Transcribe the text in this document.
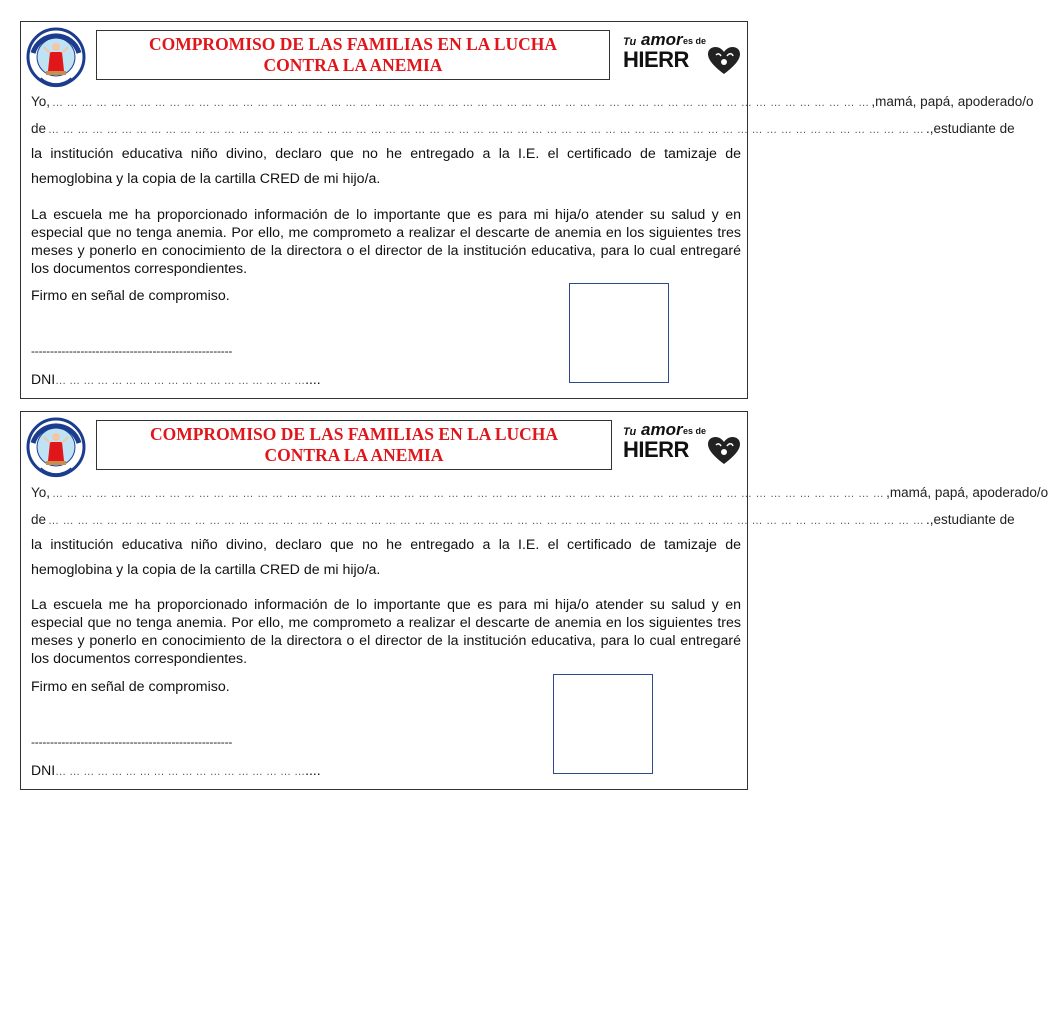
COMPROMISO DE LAS FAMILIAS EN LA LUCHA
CONTRA LA ANEMIA
Tu amor es de
HIERR
Yo, … … … … … … … … … … … … … … … … … … … … … … … … … … … … … … … … … … … … … … … … … … … … … … … … … … … … … … … … ,mamá, papá, apoderado/o
de … … … … … … … … … … … … … … … … … … … … … … … … … … … … … … … … … … … … … … … … … … … … … … … … … … … … … … … … … … … … .,estudiante de
la institución educativa niño divino, declaro que no he entregado a la I.E. el certificado de tamizaje de hemoglobina y la copia de la cartilla CRED de mi hijo/a.
La escuela me ha proporcionado información de lo importante que es para mi hija/o atender su salud y en especial que no tenga anemia. Por ello, me comprometo a realizar el descarte de anemia en los siguientes tres meses y ponerlo en conocimiento de la directora o el director de la institución educativa, para lo cual entregaré los documentos correspondientes.
Firmo en señal de compromiso.
-----------------------------------------------------
DNI… … … … … … … … … … … … … … … … … …....
COMPROMISO DE LAS FAMILIAS EN LA LUCHA
CONTRA LA ANEMIA
Tu amor es de
HIERR
Yo, … … … … … … … … … … … … … … … … … … … … … … … … … … … … … … … … … … … … … … … … … … … … … … … … … … … … … … … … … ,mamá, papá, apoderado/o
de … … … … … … … … … … … … … … … … … … … … … … … … … … … … … … … … … … … … … … … … … … … … … … … … … … … … … … … … … … … … .,estudiante de
la institución educativa niño divino, declaro que no he entregado a la I.E. el certificado de tamizaje de hemoglobina y la copia de la cartilla CRED de mi hijo/a.
La escuela me ha proporcionado información de lo importante que es para mi hija/o atender su salud y en especial que no tenga anemia. Por ello, me comprometo a realizar el descarte de anemia en los siguientes tres meses y ponerlo en conocimiento de la directora o el director de la institución educativa, para lo cual entregaré los documentos correspondientes.
Firmo en señal de compromiso.
-----------------------------------------------------
DNI… … … … … … … … … … … … … … … … … …....
